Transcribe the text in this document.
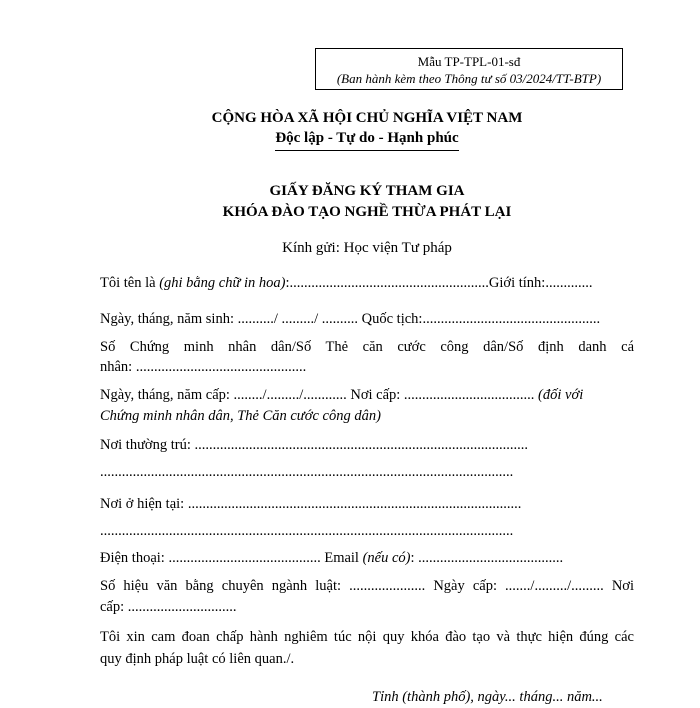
Mẫu TP-TPL-01-sđ
(Ban hành kèm theo Thông tư số 03/2024/TT-BTP)
CỘNG HÒA XÃ HỘI CHỦ NGHĨA VIỆT NAM
Độc lập - Tự do - Hạnh phúc
GIẤY ĐĂNG KÝ THAM GIA
KHÓA ĐÀO TẠO NGHỀ THỪA PHÁT LẠI
Kính gửi: Học viện Tư pháp
Tôi tên là (ghi bằng chữ in hoa):.......................................................Giới tính:.............
Ngày, tháng, năm sinh: ........../ ........./ .......... Quốc tịch:.................................................
Số Chứng minh nhân dân/Số Thẻ căn cước công dân/Số định danh cá
nhân: ...............................................
Ngày, tháng, năm cấp: ......../........./............ Nơi cấp: .................................... (đối với
Chứng minh nhân dân, Thẻ Căn cước công dân)
Nơi thường trú: ............................................................................................
..................................................................................................................
Nơi ở hiện tại: ............................................................................................
..................................................................................................................
Điện thoại: .......................................... Email (nếu có): ........................................
Số hiệu văn bằng chuyên ngành luật: ..................... Ngày cấp: ......./........./......... Nơi
cấp: ..............................
Tôi xin cam đoan chấp hành nghiêm túc nội quy khóa đào tạo và thực hiện đúng các
quy định pháp luật có liên quan./.
Tỉnh (thành phố), ngày... tháng... năm...
